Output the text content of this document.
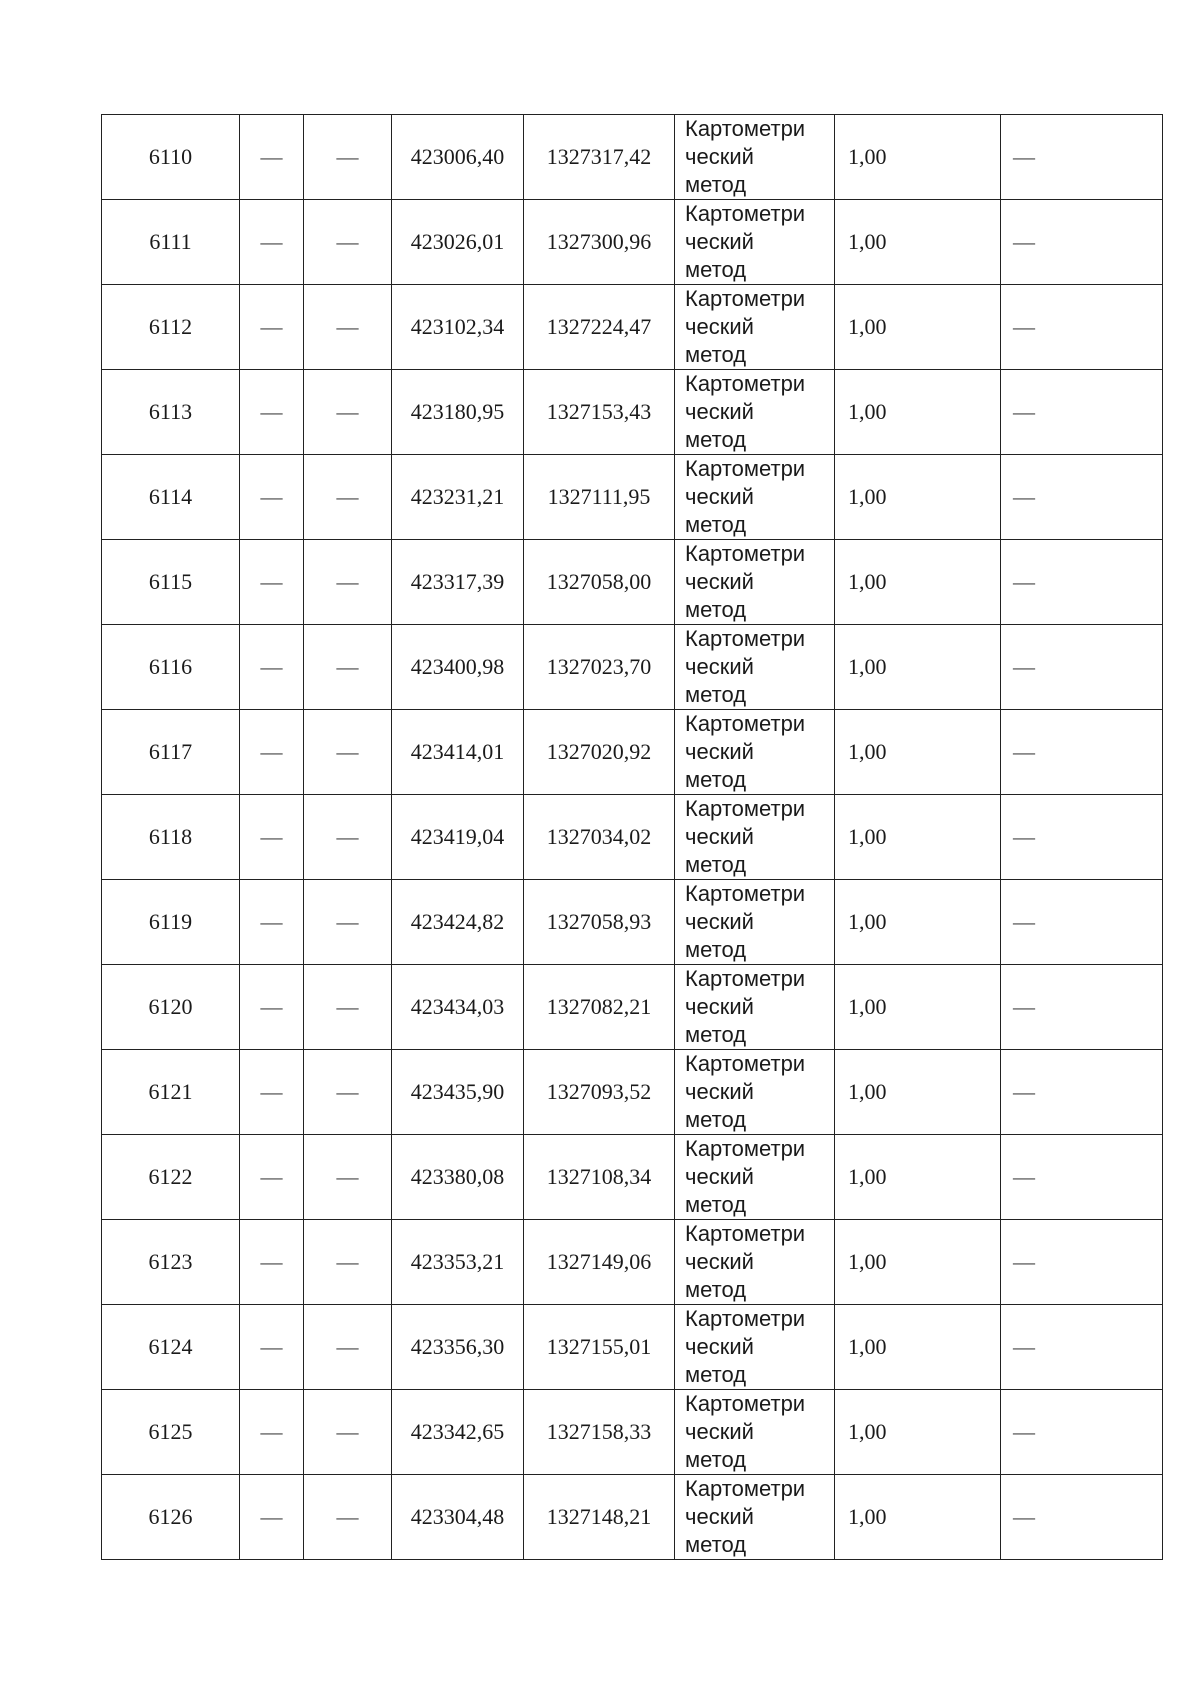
6110	—	—	423006,40	1327317,42	Картометри
ческий
метод	1,00	—
6111	—	—	423026,01	1327300,96	Картометри
ческий
метод	1,00	—
6112	—	—	423102,34	1327224,47	Картометри
ческий
метод	1,00	—
6113	—	—	423180,95	1327153,43	Картометри
ческий
метод	1,00	—
6114	—	—	423231,21	1327111,95	Картометри
ческий
метод	1,00	—
6115	—	—	423317,39	1327058,00	Картометри
ческий
метод	1,00	—
6116	—	—	423400,98	1327023,70	Картометри
ческий
метод	1,00	—
6117	—	—	423414,01	1327020,92	Картометри
ческий
метод	1,00	—
6118	—	—	423419,04	1327034,02	Картометри
ческий
метод	1,00	—
6119	—	—	423424,82	1327058,93	Картометри
ческий
метод	1,00	—
6120	—	—	423434,03	1327082,21	Картометри
ческий
метод	1,00	—
6121	—	—	423435,90	1327093,52	Картометри
ческий
метод	1,00	—
6122	—	—	423380,08	1327108,34	Картометри
ческий
метод	1,00	—
6123	—	—	423353,21	1327149,06	Картометри
ческий
метод	1,00	—
6124	—	—	423356,30	1327155,01	Картометри
ческий
метод	1,00	—
6125	—	—	423342,65	1327158,33	Картометри
ческий
метод	1,00	—
6126	—	—	423304,48	1327148,21	Картометри
ческий
метод	1,00	—
